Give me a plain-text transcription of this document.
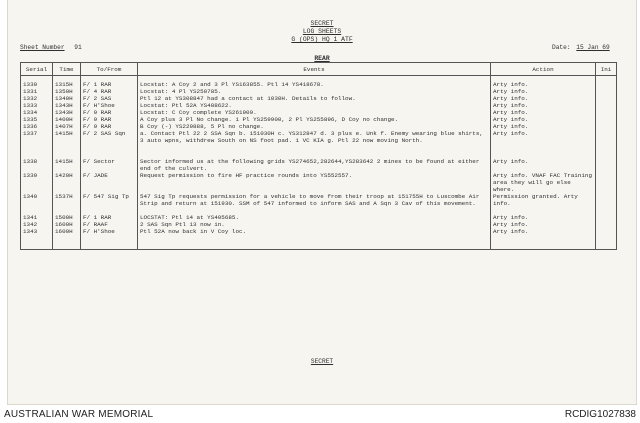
SECRET
LOG SHEETS
G (OPS) HQ 1 ATF
Sheet Number 91	Date: 15 Jan 69
REAR
SECRET
Serial	Time	To/From	Events	Action	Ini

1330	1315H	F/ 1 RAR	Locstat: A Coy 2 and 3 Pl YS163855. Ptl 14 YS418678.	Arty info.	
1331	1350H	F/ 4 RAR	Locstat: 4 Pl YS250785.	Arty info.	
1332	1340H	F/ 2 SAS	Ptl 12 at YS308847 had a contact at 1030H. Details to follow.	Arty info.	
1333	1343H	F/ H'Shoe	Locstat: Ptl 52A YS488622.	Arty info.	
1334	1343H	F/ 9 RAR	Locstat: C Coy complete YS261909.	Arty info.	
1335	1400H	F/ 9 RAR	A Coy plus 3 Pl No change. 1 Pl YS259900, 2 Pl YS255896, D Coy no change.	Arty info.	
1336	1407H	F/ 9 RAR	B Coy (-) YS229888, 5 Pl no change.	Arty info.	
1337	1415H	F/ 2 SAS Sqn	a. Contact Ptl 22 2 SSA Sqn b. 151030H c. YS312847 d. 3 plus e. Unk f. Enemy wearing blue shirts, 3 auto wpns, withdrew South on NS foot pad. 1 VC KIA g. Ptl 22 now moving North.	Arty info.	
1338	1415H	F/ Sector	Sector informed us at the following grids YS274652,282644,YS283642 2 mines to be found at either end of the culvert.	Arty info.	
1339	1420H	F/ JADE	Request permission to fire HF practice rounds into YS552557.	Arty info. VNAF FAC Training area they will go else where.	
1340	1537H	F/ 547 Sig Tp	547 Sig Tp requests permission for a vehicle to move from their troop at 151755H to Luscombe Air Strip and return at 151930. SSM of 547 informed to inform SAS and A Sqn 3 Cav of this movement.	Permission granted. Arty info.	
1341	1500H	F/ 1 RAR	LOCSTAT: Ptl 14 at YS405685.	Arty info.	
1342	1600H	F/ RAAF	2 SAS Sqn Ptl 13 now in.	Arty info.	
1343	1600H	F/ H'Shoe	Ptl 52A now back in V Coy loc.	Arty info.	

AUSTRALIAN WAR MEMORIAL	RCDIG1027838
